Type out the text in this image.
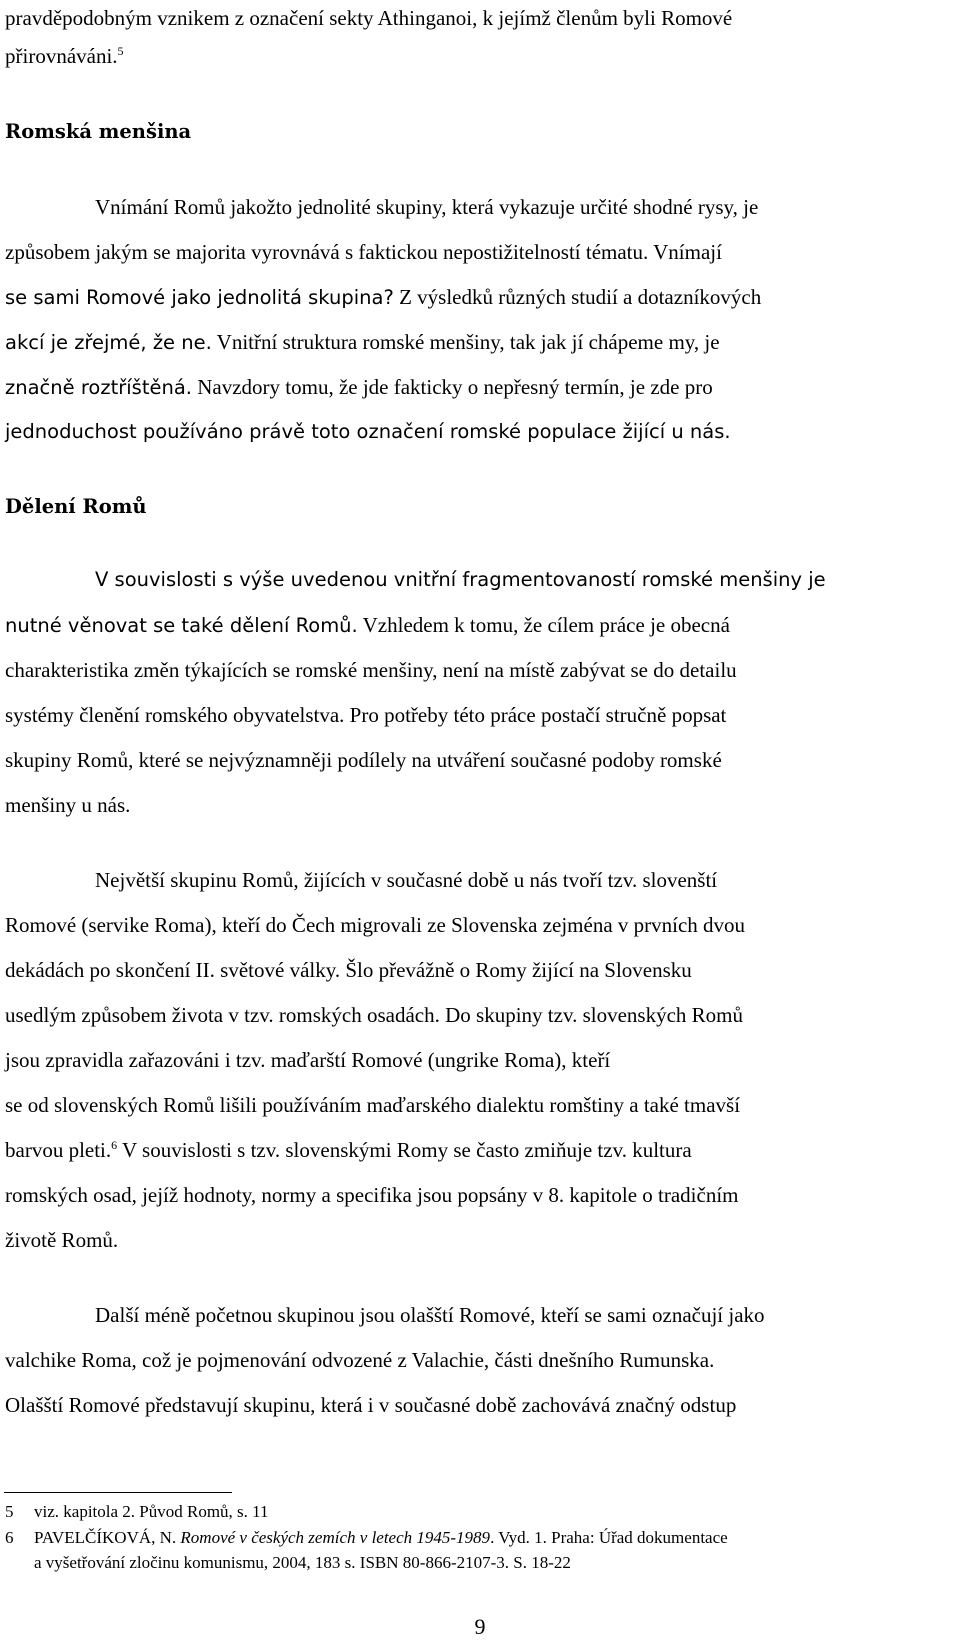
pravděpodobným vznikem z označení sekty Athinganoi, k jejímž členům byli Romové
přirovnáváni.$^5$
Romská menšina
Vnímání Romů jakožto jednolité skupiny, která vykazuje určité shodné rysy, je
způsobem jakým se majorita vyrovnává s faktickou nepostižitelností tématu. Vnímají
se sami Romové jako jednolitá skupina? Z výsledků různých studií a dotazníkových
akcí je zřejmé, že ne. Vnitřní struktura romské menšiny, tak jak jí chápeme my, je
značně roztříštěná. Navzdory tomu, že jde fakticky o nepřesný termín, je zde pro
jednoduchost používáno právě toto označení romské populace žijící u nás.
Dělení Romů
V souvislosti s výše uvedenou vnitřní fragmentovaností romské menšiny je
nutné věnovat se také dělení Romů. Vzhledem k tomu, že cílem práce je obecná
charakteristika změn týkajících se romské menšiny, není na místě zabývat se do detailu
systémy členění romského obyvatelstva. Pro potřeby této práce postačí stručně popsat
skupiny Romů, které se nejvýznamněji podílely na utváření současné podoby romské
menšiny u nás.
Největší skupinu Romů, žijících v současné době u nás tvoří tzv. slovenští
Romové (servike Roma), kteří do Čech migrovali ze Slovenska zejména v prvních dvou
dekádách po skončení II. světové války. Šlo převážně o Romy žijící na Slovensku
usedlým způsobem života v tzv. romských osadách. Do skupiny tzv. slovenských Romů
jsou zpravidla zařazováni i tzv. maďarští Romové (ungrike Roma), kteří
se od slovenských Romů lišili používáním maďarského dialektu romštiny a také tmavší
barvou pleti.$^6$ V souvislosti s tzv. slovenskými Romy se často zmiňuje tzv. kultura
romských osad, jejíž hodnoty, normy a specifika jsou popsány v 8. kapitole o tradičním
životě Romů.
Další méně početnou skupinou jsou olašští Romové, kteří se sami označují jako
valchike Roma, což je pojmenování odvozené z Valachie, části dnešního Rumunska.
Olašští Romové představují skupinu, která i v současné době zachovává značný odstup
5 viz. kapitola 2. Původ Romů, s. 11
6 PAVELČÍKOVÁ, N. Romové v českých zemích v letech 1945-1989. Vyd. 1. Praha: Úřad dokumentace
a vyšetřování zločinu komunismu, 2004, 183 s. ISBN 80-866-2107-3. S. 18-22
9
